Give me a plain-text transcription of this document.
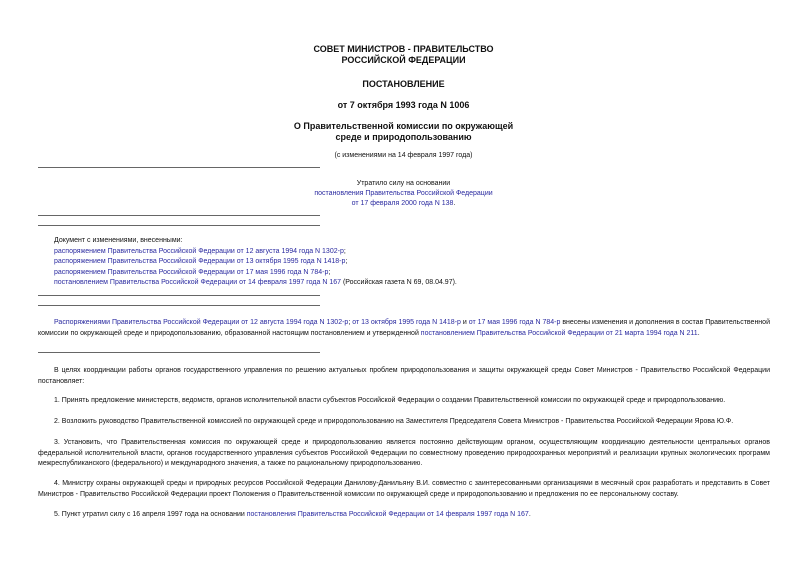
СОВЕТ МИНИСТРОВ - ПРАВИТЕЛЬСТВО
РОССИЙСКОЙ ФЕДЕРАЦИИ
ПОСТАНОВЛЕНИЕ
от 7 октября 1993 года N 1006
О Правительственной комиссии по окружающей
среде и природопользованию
(с изменениями на 14 февраля 1997 года)
Утратило силу на основании
постановления Правительства Российской Федерации
от 17 февраля 2000 года N 138.
Документ с изменениями, внесенными:
распоряжением Правительства Российской Федерации от 12 августа 1994 года N 1302-р;
распоряжением Правительства Российской Федерации от 13 октября 1995 года N 1418-р;
распоряжением Правительства Российской Федерации от 17 мая 1996 года N 784-р;
постановлением Правительства Российской Федерации от 14 февраля 1997 года N 167 (Российская газета N 69, 08.04.97).
Распоряжениями Правительства Российской Федерации от 12 августа 1994 года N 1302-р; от 13 октября 1995 года N 1418-р и от 17 мая 1996 года N 784-р внесены изменения и дополнения в состав Правительственной комиссии по окружающей среде и природопользованию, образованной настоящим постановлением и утвержденной постановлением Правительства Российской Федерации от 21 марта 1994 года N 211.
В целях координации работы органов государственного управления по решению актуальных проблем природопользования и защиты окружающей среды Совет Министров - Правительство Российской Федерации постановляет:
1. Принять предложение министерств, ведомств, органов исполнительной власти субъектов Российской Федерации о создании Правительственной комиссии по окружающей среде и природопользованию.
2. Возложить руководство Правительственной комиссией по окружающей среде и природопользованию на Заместителя Председателя Совета Министров - Правительства Российской Федерации Ярова Ю.Ф.
3. Установить, что Правительственная комиссия по окружающей среде и природопользованию является постоянно действующим органом, осуществляющим координацию деятельности центральных органов федеральной исполнительной власти, органов государственного управления субъектов Российской Федерации по совместному проведению природоохранных мероприятий и реализации крупных экологических программ межреспубликанского (федерального) и международного значения, а также по рациональному природопользованию.
4. Министру охраны окружающей среды и природных ресурсов Российской Федерации Данилову-Данильяну В.И. совместно с заинтересованными организациями в месячный срок разработать и представить в Совет Министров - Правительство Российской Федерации проект Положения о Правительственной комиссии по окружающей среде и природопользованию и предложения по ее персональному составу.
5. Пункт утратил силу с 16 апреля 1997 года на основании постановления Правительства Российской Федерации от 14 февраля 1997 года N 167.
